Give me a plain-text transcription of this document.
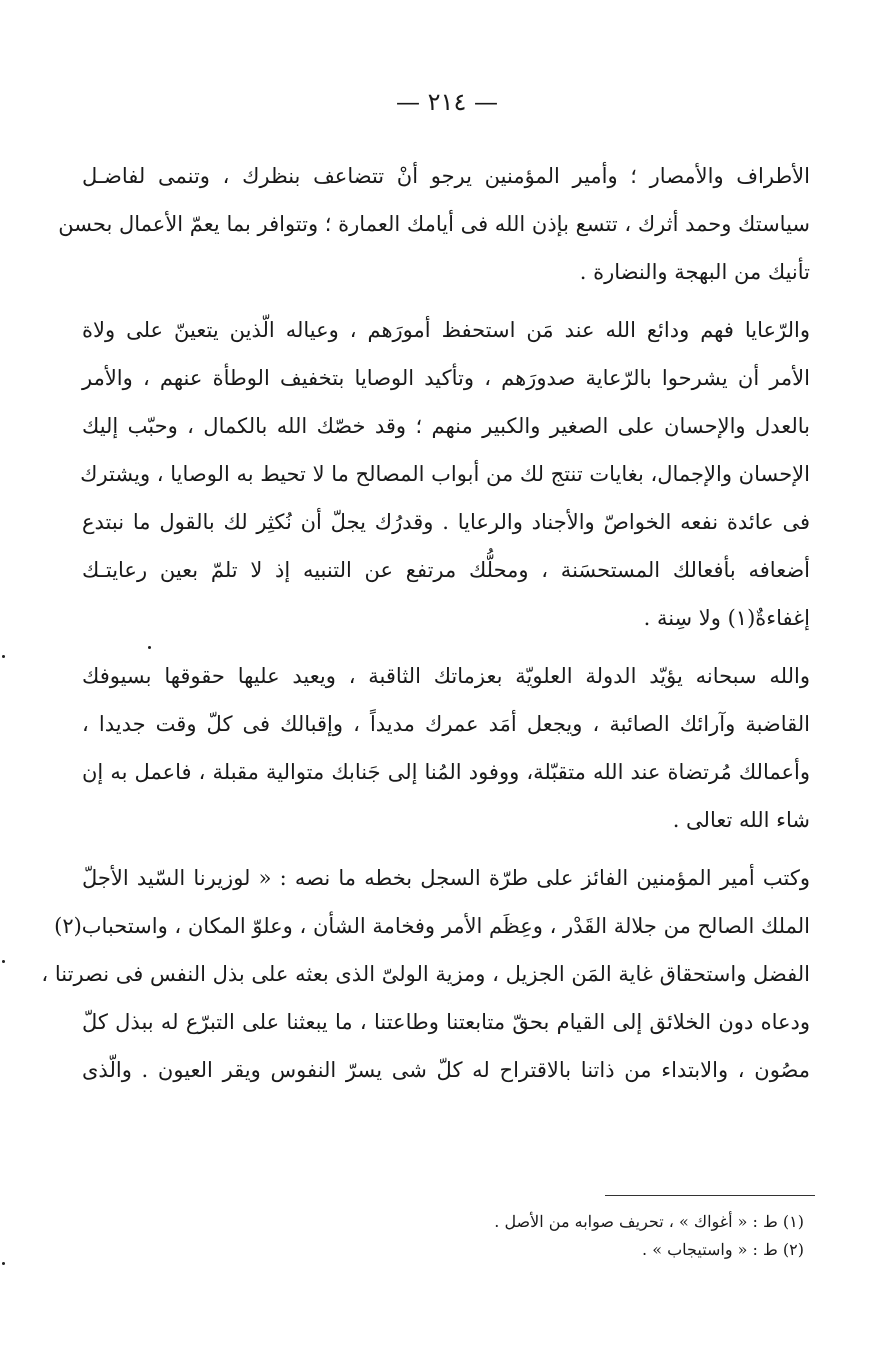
— ٢١٤ —
الأطراف والأمصار ؛ وأمير المؤمنين يرجو أنْ تتضاعف بنظرك ، وتنمى لفاضـل
سياستك وحمد أثرك ، تتسع بإذن الله فى أيامك العمارة ؛ وتتوافر بما يعمّ الأعمال بحسن
تأنيك من البهجة والنضارة .
والرّعايا فهم ودائع الله عند مَن استحفظ أمورَهم ، وعياله الّذين يتعينّ على ولاة
الأمر أن يشرحوا بالرّعاية صدورَهم ، وتأكيد الوصايا بتخفيف الوطأة عنهم ، والأمر
بالعدل والإحسان على الصغير والكبير منهم ؛ وقد خصّك الله بالكمال ، وحبّب إليك
الإحسان والإجمال، بغايات تنتج لك من أبواب المصالح ما لا تحيط به الوصايا ، ويشترك
فى عائدة نفعه الخواصّ والأجناد والرعايا . وقدرُك يجلّ أن نُكثِر لك بالقول ما نبتدع
أضعافه بأفعالك المستحسَنة ، ومحلُّك مرتفع عن التنبيه إذ لا تلمّ بعين رعايتـك
إغفاءةٌ(١) ولا سِنة .
والله سبحانه يؤيّد الدولة العلويّة بعزماتك الثاقبة ، ويعيد عليها حقوقها بسيوفك
القاضبة وآرائك الصائبة ، ويجعل أمَد عمرك مديداً ، وإقبالك فى كلّ وقت جديدا ،
وأعمالك مُرتضاة عند الله متقبّلة، ووفود المُنا إلى جَنابك متوالية مقبلة ، فاعمل به إن
شاء الله تعالى .
وكتب أمير المؤمنين الفائز على طرّة السجل بخطه ما نصه : « لوزيرنا السّيد الأجلّ
الملك الصالح من جلالة القَدْر ، وعِظَم الأمر وفخامة الشأن ، وعلوّ المكان ، واستحباب(٢)
الفضل واستحقاق غاية المَن الجزيل ، ومزية الولىّ الذى بعثه على بذل النفس فى نصرتنا ،
ودعاه دون الخلائق إلى القيام بحقّ متابعتنا وطاعتنا ، ما يبعثنا على التبرّع له ببذل كلّ
مصُون ، والابتداء من ذاتنا بالاقتراح له كلّ شى يسرّ النفوس ويقر العيون . والّذى
(١) ط : « أغواك » ، تحريف صوابه من الأصل .
(٢) ط : « واستيجاب » .
